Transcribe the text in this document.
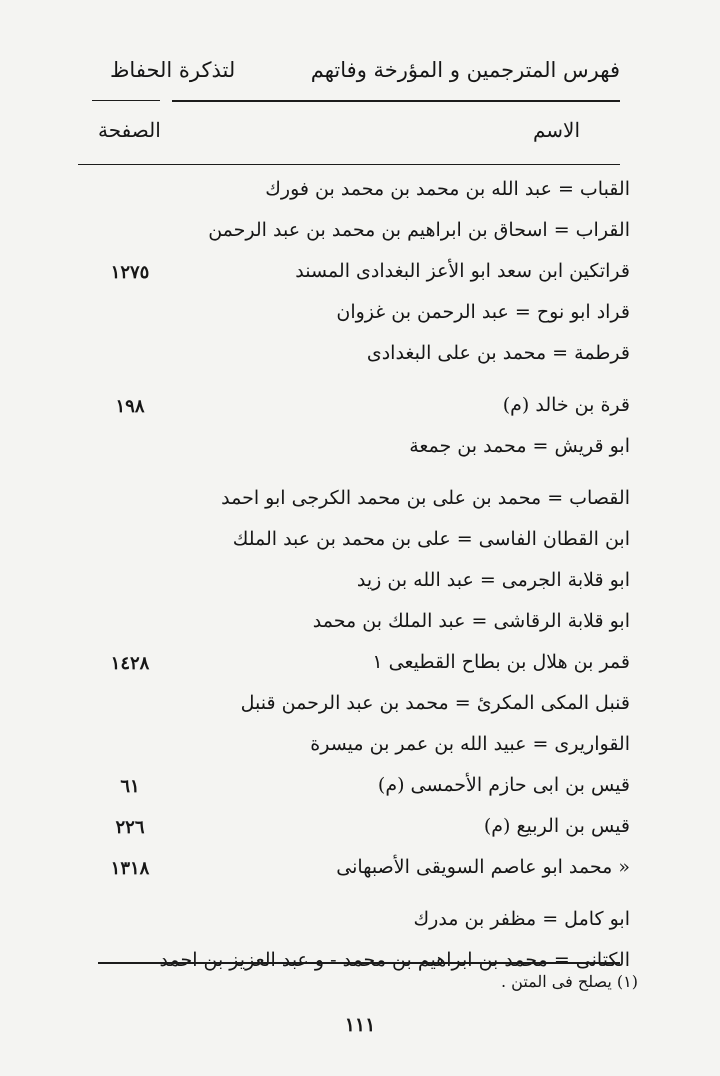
فهرس المترجمين و المؤرخة وفاتهم
لتذكرة الحفاظ
الاسم
الصفحة
القباب = عبد الله بن محمد بن محمد بن فورك
القراب = اسحاق بن ابراهيم بن محمد بن عبد الرحمن
قراتكين ابن سعد ابو الأعز البغدادى المسند
١٢٧٥
قراد ابو نوح = عبد الرحمن بن غزوان
قرطمة = محمد بن على البغدادى
قرة بن خالد (م)
١٩٨
ابو قريش = محمد بن جمعة
القصاب = محمد بن على بن محمد الكرجى ابو احمد
ابن القطان الفاسى = على بن محمد بن عبد الملك
ابو قلابة الجرمى = عبد الله بن زيد
ابو قلابة الرقاشى = عبد الملك بن محمد
قمر بن هلال بن بطاح القطيعى ١
١٤٢٨
قنبل المكى المكرئ = محمد بن عبد الرحمن قنبل
القواريرى = عبيد الله بن عمر بن ميسرة
قيس بن ابى حازم الأحمسى (م)
٦١
قيس بن الربيع (م)
٢٢٦
« محمد ابو عاصم السويقى الأصبهانى
١٣١٨
ابو كامل = مظفر بن مدرك
الكتانى = محمد بن ابراهيم بن محمد - و عبد العزيز بن احمد
(١) يصلح فى المتن .
١١١
